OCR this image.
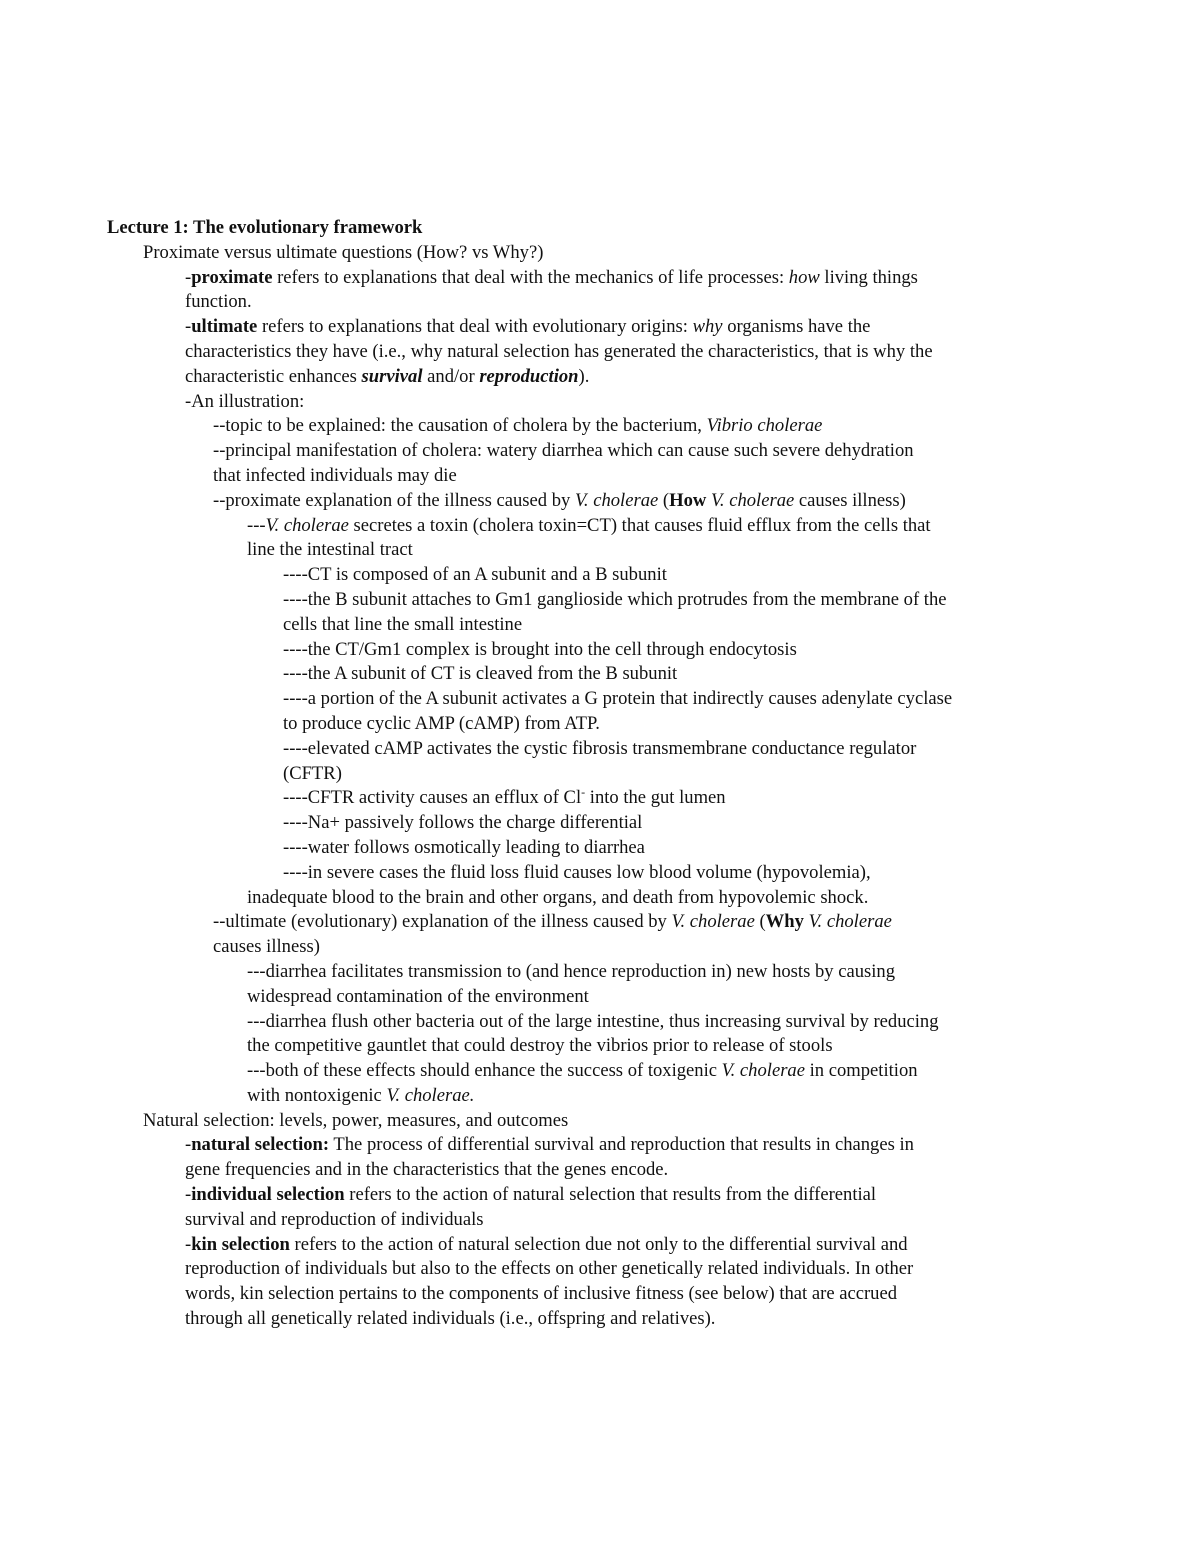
Lecture 1: The evolutionary framework

Proximate versus ultimate questions (How? vs Why?)

-proximate refers to explanations that deal with the mechanics of life processes: how living things

function.

-ultimate refers to explanations that deal with evolutionary origins: why organisms have the

characteristics they have (i.e., why natural selection has generated the characteristics, that is why the

characteristic enhances survival and/or reproduction).

-An illustration:

--topic to be explained: the causation of cholera by the bacterium, Vibrio cholerae

--principal manifestation of cholera: watery diarrhea which can cause such severe dehydration

that infected individuals may die

--proximate explanation of the illness caused by V. cholerae (How V. cholerae causes illness)

---V. cholerae secretes a toxin (cholera toxin=CT) that causes fluid efflux from the cells that

line the intestinal tract

----CT is composed of an A subunit and a B subunit

----the B subunit attaches to Gm1 ganglioside which protrudes from the membrane of the

cells that line the small intestine

----the CT/Gm1 complex is brought into the cell through endocytosis

----the A subunit of CT is cleaved from the B subunit

----a portion of the A subunit activates a G protein that indirectly causes adenylate cyclase

to produce cyclic AMP (cAMP) from ATP.

----elevated cAMP activates the cystic fibrosis transmembrane conductance regulator

(CFTR)

----CFTR activity causes an efflux of Cl- into the gut lumen

----Na+ passively follows the charge differential

----water follows osmotically leading to diarrhea

----in severe cases the fluid loss fluid causes low blood volume (hypovolemia),

inadequate blood to the brain and other organs, and death from hypovolemic shock.

--ultimate (evolutionary) explanation of the illness caused by V. cholerae (Why V. cholerae

causes illness)

---diarrhea facilitates transmission to (and hence reproduction in) new hosts by causing

widespread contamination of the environment

---diarrhea flush other bacteria out of the large intestine, thus increasing survival by reducing

the competitive gauntlet that could destroy the vibrios prior to release of stools

---both of these effects should enhance the success of toxigenic V. cholerae in competition

with nontoxigenic V. cholerae.

Natural selection: levels, power, measures, and outcomes

-natural selection: The process of differential survival and reproduction that results in changes in

gene frequencies and in the characteristics that the genes encode.

-individual selection refers to the action of natural selection that results from the differential

survival and reproduction of individuals

-kin selection refers to the action of natural selection due not only to the differential survival and

reproduction of individuals but also to the effects on other genetically related individuals. In other

words, kin selection pertains to the components of inclusive fitness (see below) that are accrued

through all genetically related individuals (i.e., offspring and relatives).
